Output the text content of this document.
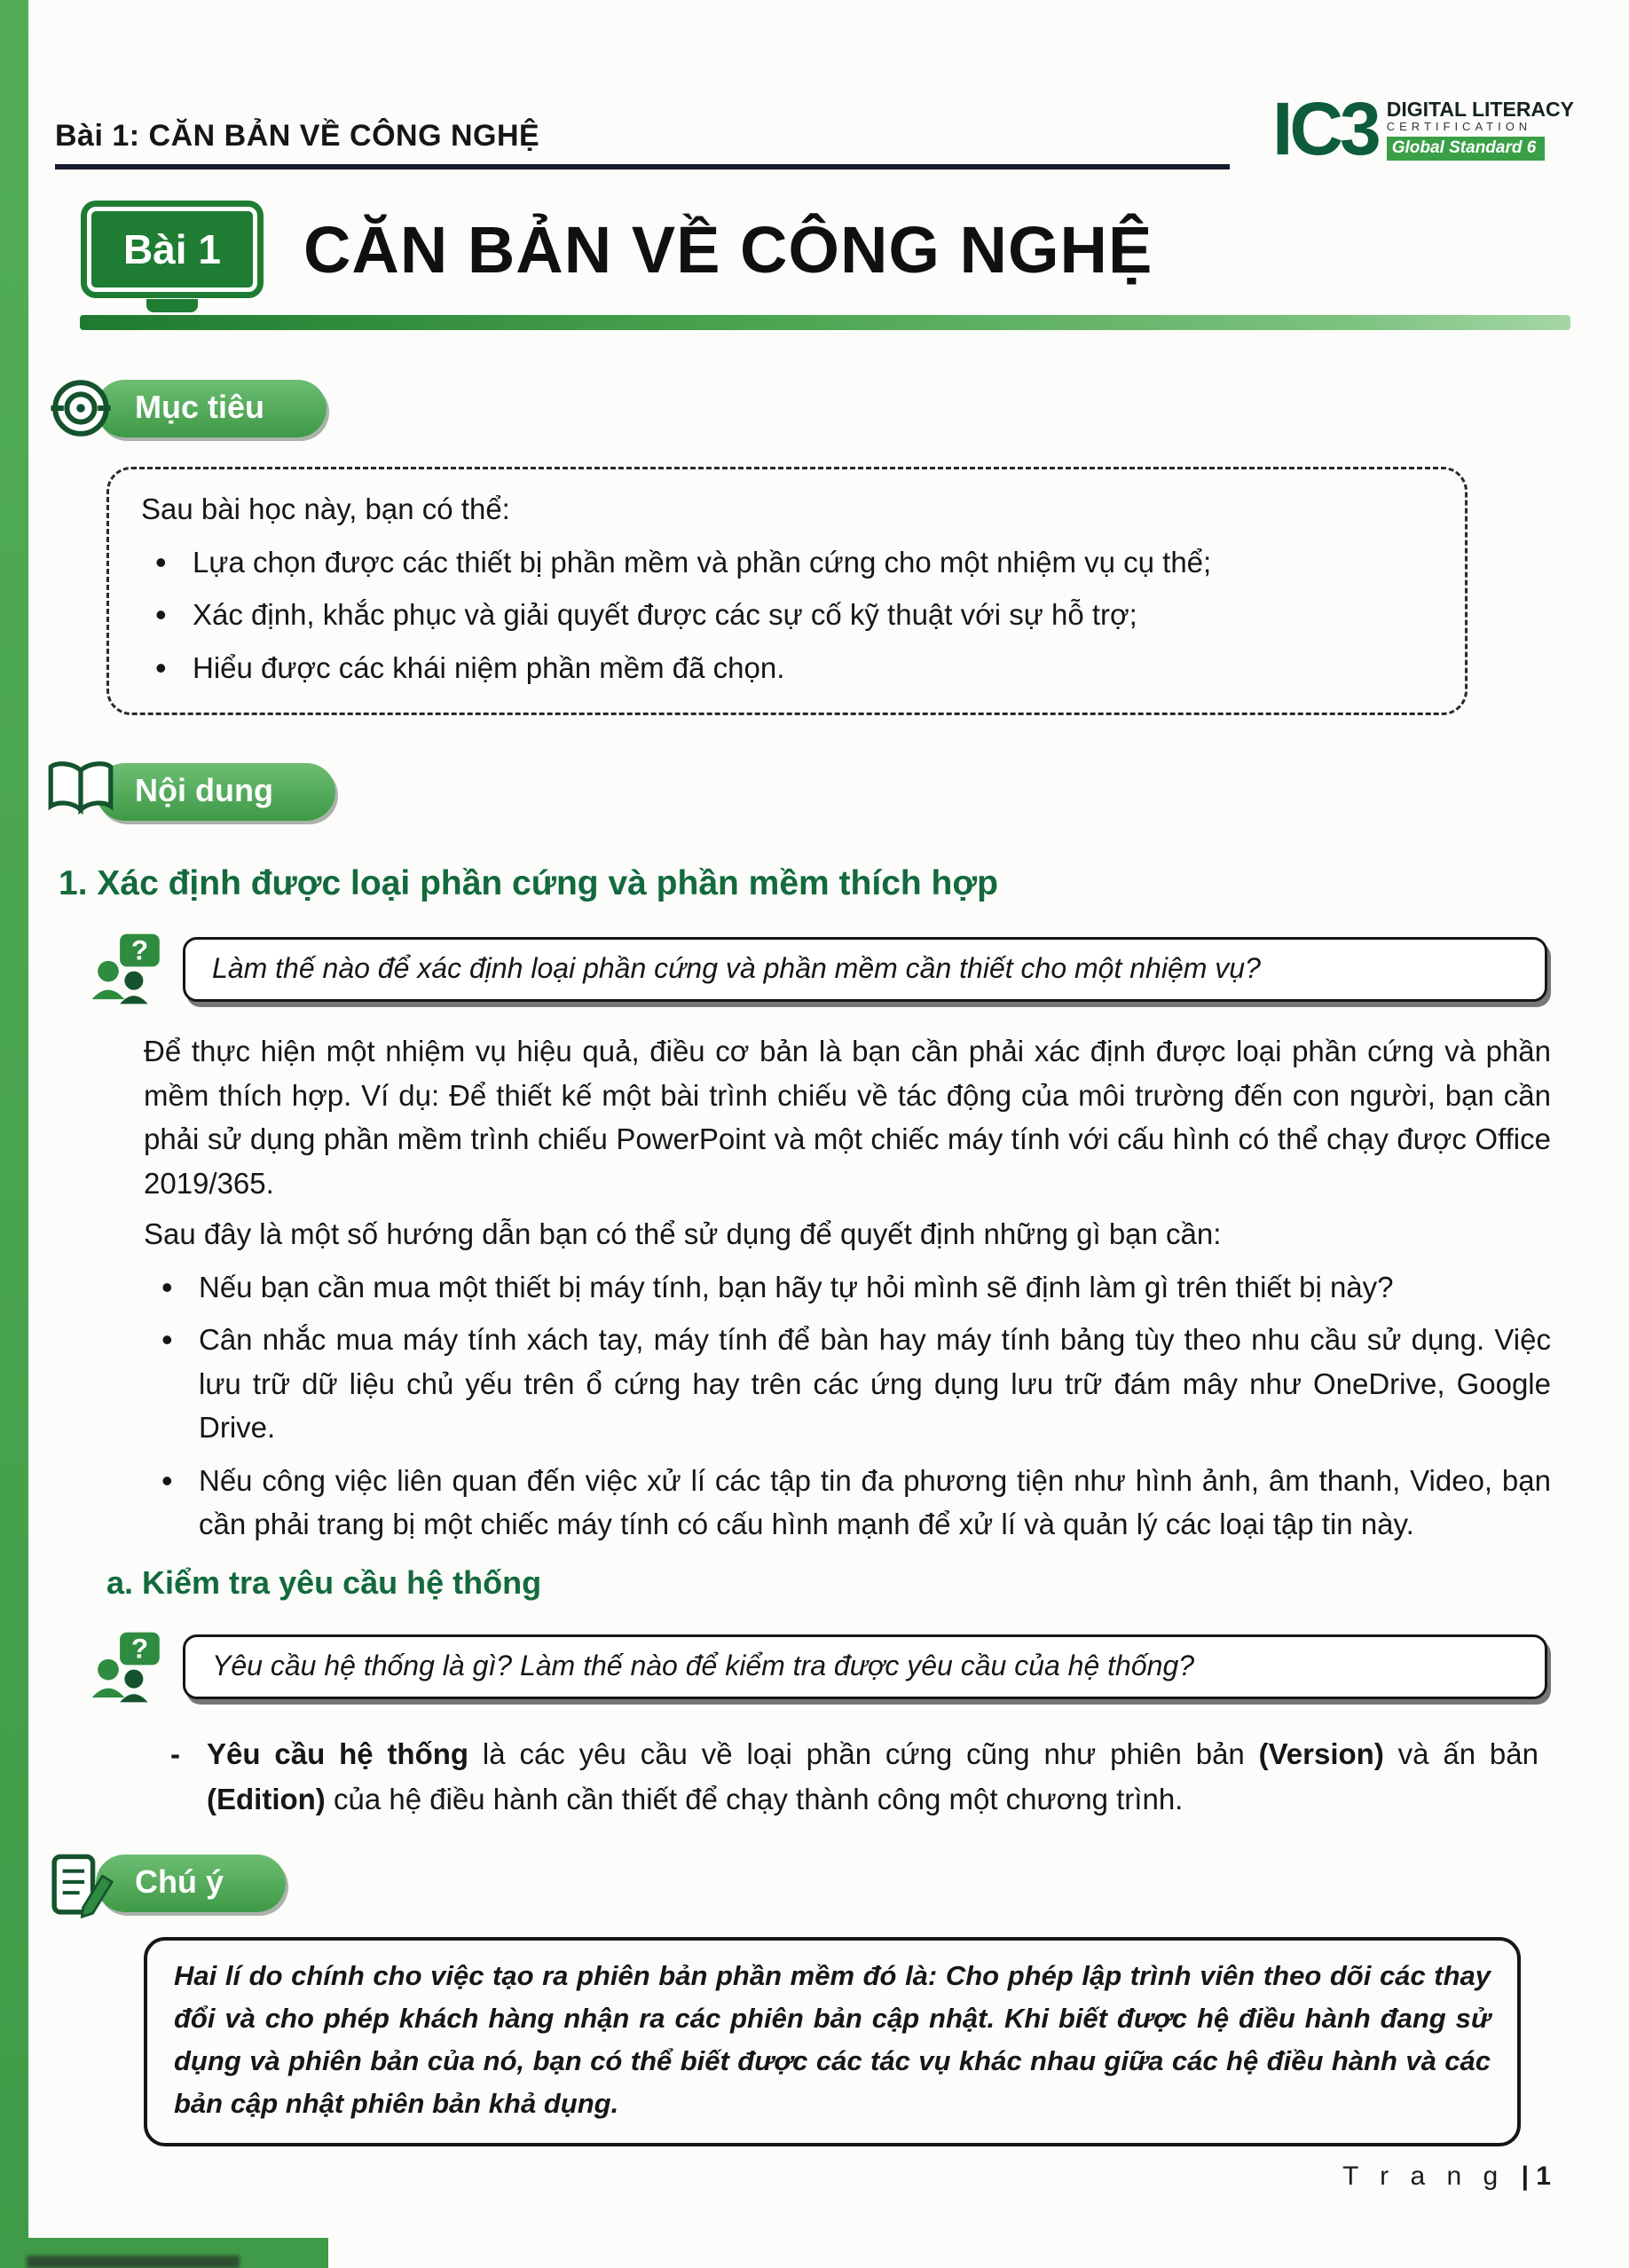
Bài 1: CĂN BẢN VỀ CÔNG NGHỆ	IC3 DIGITAL LITERACY
CERTIFICATION
Global Standard 6
Bài 1	CĂN BẢN VỀ CÔNG NGHỆ
Mục tiêu

Sau bài học này, bạn có thể:

• Lựa chọn được các thiết bị phần mềm và phần cứng cho một nhiệm vụ cụ thể;
• Xác định, khắc phục và giải quyết được các sự cố kỹ thuật với sự hỗ trợ;
• Hiểu được các khái niệm phần mềm đã chọn.
Nội dung
1. Xác định được loại phần cứng và phần mềm thích hợp
?
Làm thế nào để xác định loại phần cứng và phần mềm cần thiết cho một nhiệm vụ?

Để thực hiện một nhiệm vụ hiệu quả, điều cơ bản là bạn cần phải xác định được loại phần cứng và phần mềm thích hợp. Ví dụ: Để thiết kế một bài trình chiếu về tác động của môi trường đến con người, bạn cần phải sử dụng phần mềm trình chiếu PowerPoint và một chiếc máy tính với cấu hình có thể chạy được Office 2019/365.

Sau đây là một số hướng dẫn bạn có thể sử dụng để quyết định những gì bạn cần:

• Nếu bạn cần mua một thiết bị máy tính, bạn hãy tự hỏi mình sẽ định làm gì trên thiết bị này?
• Cân nhắc mua máy tính xách tay, máy tính để bàn hay máy tính bảng tùy theo nhu cầu sử dụng. Việc lưu trữ dữ liệu chủ yếu trên ổ cứng hay trên các ứng dụng lưu trữ đám mây như OneDrive, Google Drive.
• Nếu công việc liên quan đến việc xử lí các tập tin đa phương tiện như hình ảnh, âm thanh, Video, bạn cần phải trang bị một chiếc máy tính có cấu hình mạnh để xử lí và quản lý các loại tập tin này.
a. Kiểm tra yêu cầu hệ thống
?
Yêu cầu hệ thống là gì? Làm thế nào để kiểm tra được yêu cầu của hệ thống?
- Yêu cầu hệ thống là các yêu cầu về loại phần cứng cũng như phiên bản (Version) và ấn bản (Edition) của hệ điều hành cần thiết để chạy thành công một chương trình.

Chú ý
Hai lí do chính cho việc tạo ra phiên bản phần mềm đó là: Cho phép lập trình viên theo dõi các thay đổi và cho phép khách hàng nhận ra các phiên bản cập nhật. Khi biết được hệ điều hành đang sử dụng và phiên bản của nó, bạn có thể biết được các tác vụ khác nhau giữa các hệ điều hành và các bản cập nhật phiên bản khả dụng.
T r a n g | 1
